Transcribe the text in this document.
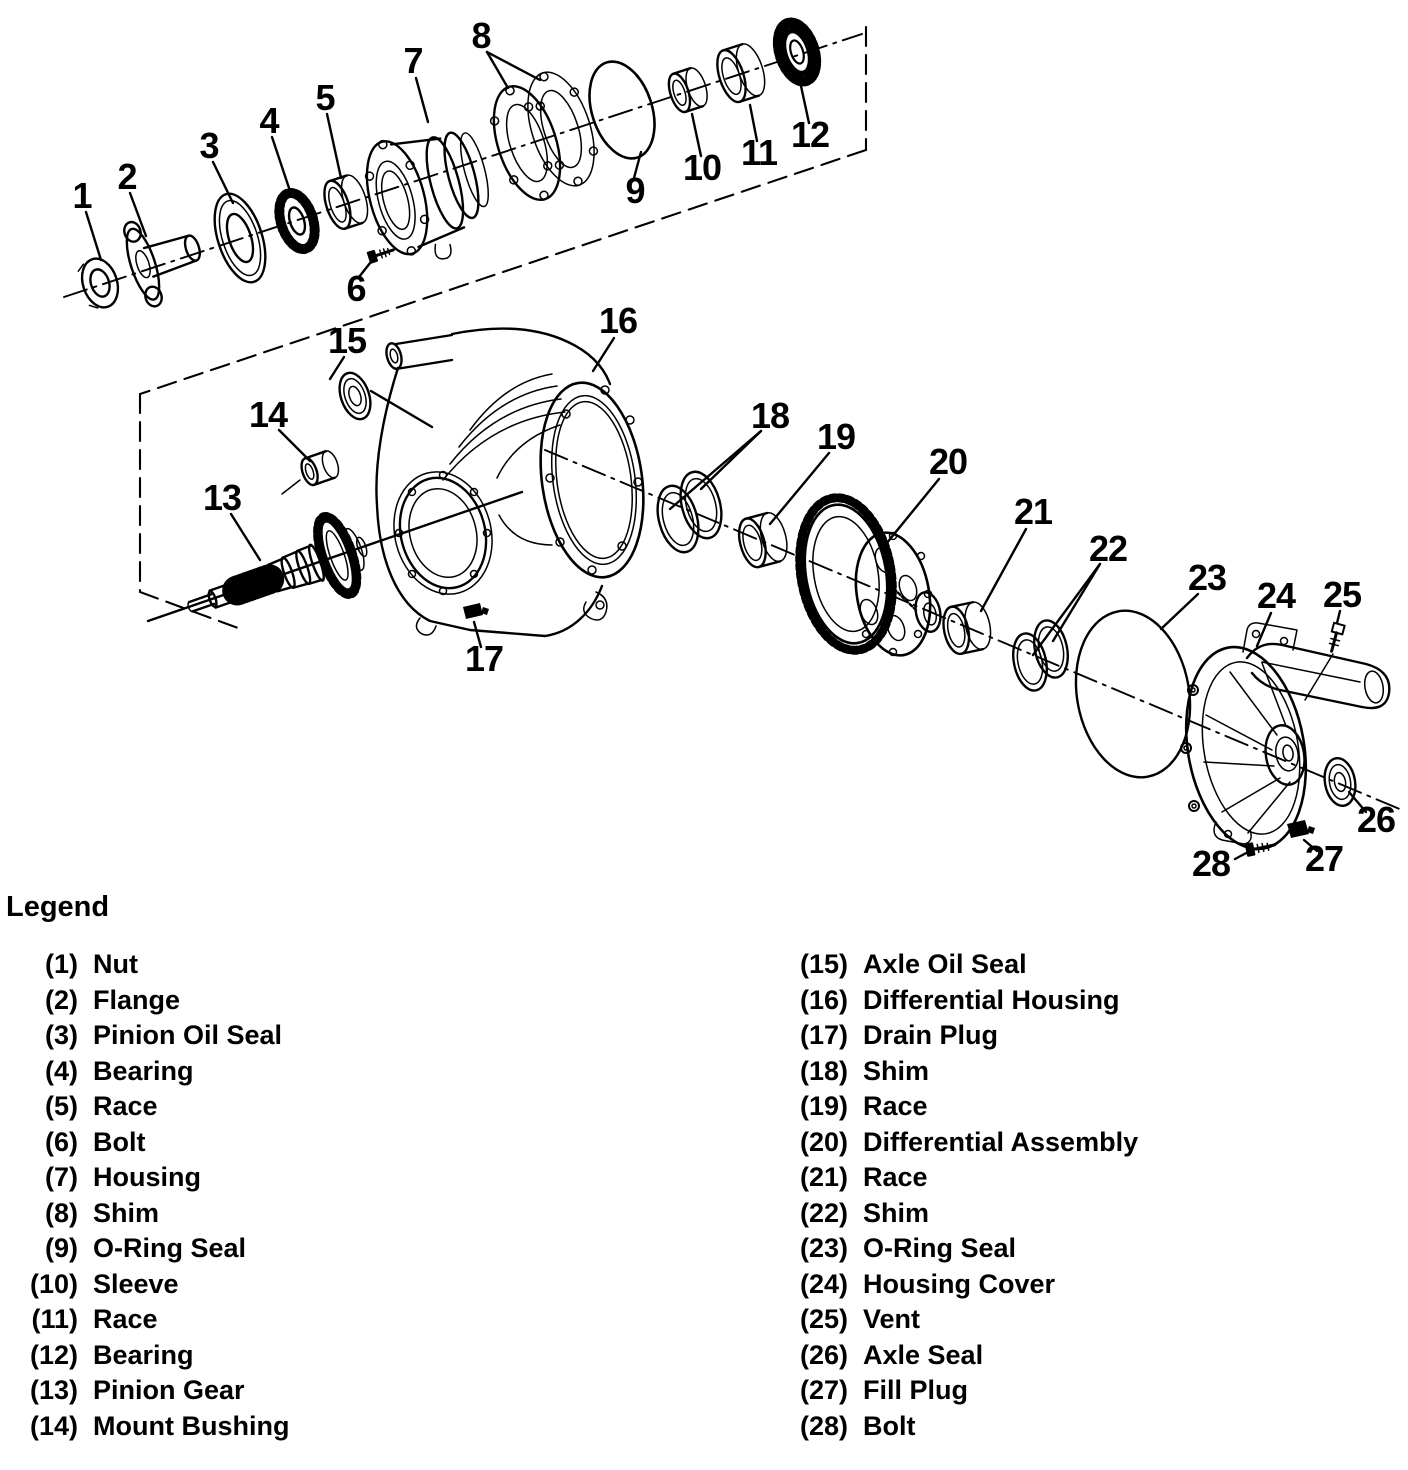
1 2
3
4
5
6
7
8
9
10 11 12
13
14
15	16
17
18
19
20
21
22
23 24 25
26
27
28
Legend
(1) Nut
(2) Flange
(3) Pinion Oil Seal
(4) Bearing
(5) Race
(6) Bolt
(7) Housing
(8) Shim
(9) O-Ring Seal
(10) Sleeve
(11) Race
(12) Bearing
(13) Pinion Gear
(14) Mount Bushing
(15) Axle Oil Seal
(16) Differential Housing
(17) Drain Plug
(18) Shim
(19) Race
(20) Differential Assembly
(21) Race
(22) Shim
(23) O-Ring Seal
(24) Housing Cover
(25) Vent
(26) Axle Seal
(27) Fill Plug
(28) Bolt
